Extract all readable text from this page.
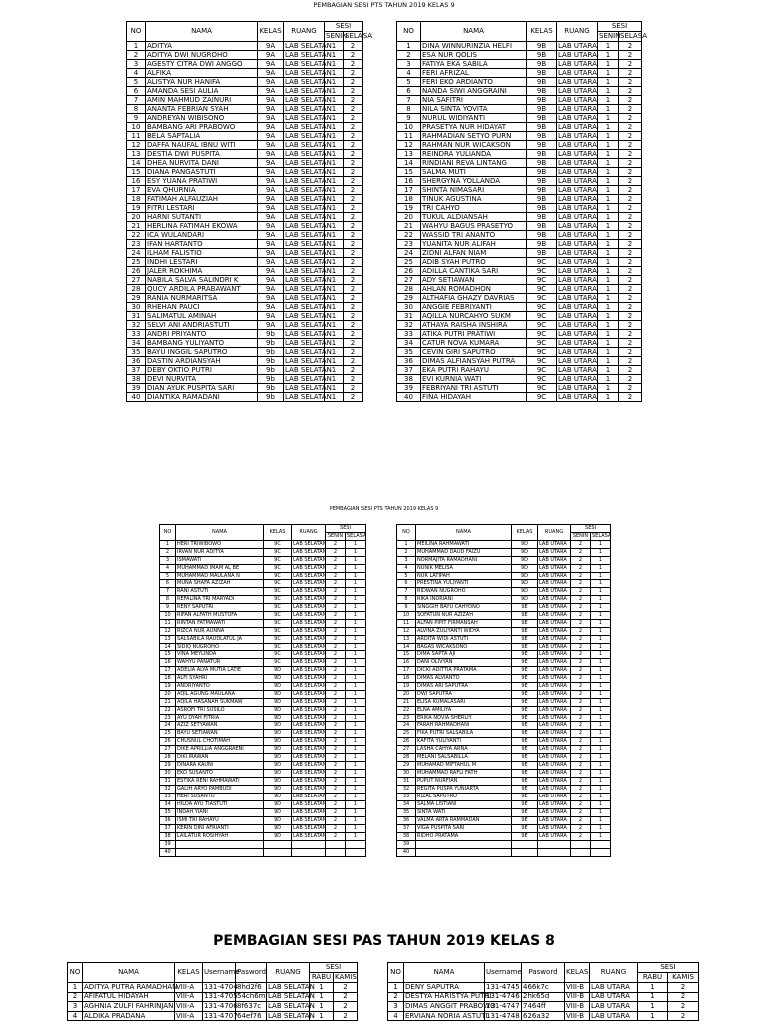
PEMBAGIAN SESI PTS TAHUN 2019 KELAS 9
NO	NAMA	KELAS	RUANG	SESI	
				SENIN	SELASA
1	ADITYA	9A	LAB SELATAN	1	2
2	ADITYA DWI NUGROHO	9A	LAB SELATAN	1	2
3	AGESTY CITRA DWI ANGGO	9A	LAB SELATAN	1	2
4	ALFIKA	9A	LAB SELATAN	1	2
5	ALISTYA NUR HANIFA	9A	LAB SELATAN	1	2
6	AMANDA SESI AULIA	9A	LAB SELATAN	1	2
7	AMIN MAHMUD ZAINURI	9A	LAB SELATAN	1	2
8	ANANTA FEBRIAN SYAH	9A	LAB SELATAN	1	2
9	ANDREYAN WIBISONO	9A	LAB SELATAN	1	2
10	BAMBANG ARI PRABOWO	9A	LAB SELATAN	1	2
11	BELA SAPTALIA	9A	LAB SELATAN	1	2
12	DAFFA NAUFAL IBNU WITI	9A	LAB SELATAN	1	2
13	DESTIA DWI PUSPITA	9A	LAB SELATAN	1	2
14	DHEA NURVITA DANI	9A	LAB SELATAN	1	2
15	DIANA PANGASTUTI	9A	LAB SELATAN	1	2
16	ESY YUANA PRATIWI	9A	LAB SELATAN	1	2
17	EVA QHURNIA	9A	LAB SELATAN	1	2
18	FATIMAH ALFAUZIAH	9A	LAB SELATAN	1	2
19	FITRI LESTARI	9A	LAB SELATAN	1	2
20	HARNI SUTANTI	9A	LAB SELATAN	1	2
21	HERLINA FATIMAH EKOWA	9A	LAB SELATAN	1	2
22	ICA WULANDARI	9A	LAB SELATAN	1	2
23	IFAN HARTANTO	9A	LAB SELATAN	1	2
24	ILHAM FALISTIO	9A	LAB SELATAN	1	2
25	INDHI LESTARI	9A	LAB SELATAN	1	2
26	JALER ROKHIMA	9A	LAB SELATAN	1	2
27	NABILA SALVA SALINDRI K	9A	LAB SELATAN	1	2
28	QUCY ARDILA PRABAWANT	9A	LAB SELATAN	1	2
29	RANIA NURMARITSA	9A	LAB SELATAN	1	2
30	RHEHAN PAUCI	9A	LAB SELATAN	1	2
31	SALIMATUL AMINAH	9A	LAB SELATAN	1	2
32	SELVI ANI ANDRIASTUTI	9A	LAB SELATAN	1	2
33	ANDRI PRIYANTO	9b	LAB SELATAN	1	2
34	BAMBANG YULIYANTO	9b	LAB SELATAN	1	2
35	BAYU INGGIL SAPUTRO	9b	LAB SELATAN	1	2
36	DASTIN ARDIANSYAH	9b	LAB SELATAN	1	2
37	DEBY OKTIO PUTRI	9b	LAB SELATAN	1	2
38	DEVI NURVITA	9b	LAB SELATAN	1	2
39	DIAN AYUK PUSPITA SARI	9b	LAB SELATAN	1	2
40	DIANTIKA RAMADANI	9b	LAB SELATAN	1	2
NO	NAMA	KELAS	RUANG	SESI	
				SENIN	SELASA
1	DINA WINNURINZIA HELFI	9B	LAB UTARA	1	2
2	ESA NUR QOLIS	9B	LAB UTARA	1	2
3	FATIYA EKA SABILA	9B	LAB UTARA	1	2
4	FERI AFRIZAL	9B	LAB UTARA	1	2
5	FERI EKO ARDIANTO	9B	LAB UTARA	1	2
6	NANDA SIWI ANGGRAINI	9B	LAB UTARA	1	2
7	NIA SAFITRI	9B	LAB UTARA	1	2
8	NILA SINTA YOVITA	9B	LAB UTARA	1	2
9	NURUL WIDIYANTI	9B	LAB UTARA	1	2
10	PRASETYA NUR HIDAYAT	9B	LAB UTARA	1	2
11	RAHMADIAN SETYO PURN	9B	LAB UTARA	1	2
12	RAHMAN NUR WICAKSON	9B	LAB UTARA	1	2
13	REINDRA YULIANDA	9B	LAB UTARA	1	2
14	RINDIANI REVA LINTANG	9B	LAB UTARA	1	2
15	SALMA MUTI	9B	LAB UTARA	1	2
16	SHERGYNA YOLLANDA	9B	LAB UTARA	1	2
17	SHINTA NIMASARI	9B	LAB UTARA	1	2
18	TINUK AGUSTINA	9B	LAB UTARA	1	2
19	TRI CAHYO	9B	LAB UTARA	1	2
20	TUKUL ALDIANSAH	9B	LAB UTARA	1	2
21	WAHYU BAGUS PRASETYO	9B	LAB UTARA	1	2
22	WASSID TRI ANANTO	9B	LAB UTARA	1	2
23	YUANITA NUR ALIFAH	9B	LAB UTARA	1	2
24	ZIDNI ALFAN NIAM	9B	LAB UTARA	1	2
25	ADIB SYAH PUTRO	9C	LAB UTARA	1	2
26	ADILLA CANTIKA SARI	9C	LAB UTARA	1	2
27	ADY SETIAWAN	9C	LAB UTARA	1	2
28	AHLAN ROMADHON	9C	LAB UTARA	1	2
29	ALTHAFIA GHAZY DAVRIAS	9C	LAB UTARA	1	2
30	ANGGIE FEBRIYANTI	9C	LAB UTARA	1	2
31	AQILLA NURCAHYO SUKM	9C	LAB UTARA	1	2
32	ATHAYA RAISHA INSHIRA	9C	LAB UTARA	1	2
33	ATIKA PUTRI PRATIWI	9C	LAB UTARA	1	2
34	CATUR NOVA KUMARA	9C	LAB UTARA	1	2
35	CEVIN GIRI SAPUTRO	9C	LAB UTARA	1	2
36	DIMAS ALFIANSYAH PUTRA	9C	LAB UTARA	1	2
37	EKA PUTRI RAHAYU	9C	LAB UTARA	1	2
38	EVI KURNIA WATI	9C	LAB UTARA	1	2
39	FEBRIYANI TRI ASTUTI	9C	LAB UTARA	1	2
40	FINA HIDAYAH	9C	LAB UTARA	1	2
PEMBAGIAN SESI PTS TAHUN 2019 KELAS 9
NO	NAMA	KELAS	RUANG	SESI	
				SENIN	SELASA
1	HERI TRIWIBOWO	9C	LAB SELATAN	2	1
2	IRVAN NUR ADITYA	9C	LAB SELATAN	2	1
3	ISMAWATI	9C	LAB SELATAN	2	1
4	MUHAMMAD IMAM AL BE	9C	LAB SELATAN	2	1
5	MUHAMMAD MAULANA N	9C	LAB SELATAN	2	1
6	MUNA SHAFA AZIZAH	9C	LAB SELATAN	2	1
7	RANI ASTUTI	9C	LAB SELATAN	2	1
8	REFALINA TRI MARYADI	9C	LAB SELATAN	2	1
9	RENY SAPUTRI	9C	LAB SELATAN	2	1
10	RIFAN ALFATH MUSTOFA	9C	LAB SELATAN	2	1
11	RINTAN FATMAWATI	9C	LAB SELATAN	2	1
12	RIZCA NUR AUNNA	9C	LAB SELATAN	2	1
13	SALSABILA RAUDLATUL JA	9C	LAB SELATAN	2	1
14	SIDIQ NUGROHO	9C	LAB SELATAN	2	1
15	VINA MEYLINDA	9C	LAB SELATAN	2	1
16	WAHYU PANATUR	9C	LAB SELATAN	2	1
17	ADELIA ALYA MUTIA LATIE	9D	LAB SELATAN	2	1
18	ALFI SYAHRI	9D	LAB SELATAN	2	1
19	ANDRIYANTO	9D	LAB SELATAN	2	1
20	AQIL AGUNG MAULANA	9D	LAB SELATAN	2	1
21	AQILA HASANAH SUKMAW	9D	LAB SELATAN	2	1
22	ASROFI TRI SUSILO	9D	LAB SELATAN	2	1
23	AYU DYAH FITRIA	9D	LAB SELATAN	2	1
24	AZIZ SETYAWAN	9D	LAB SELATAN	2	1
25	BAYU SETIAWAN	9D	LAB SELATAN	2	1
26	CHUSNUL CHOTIMAH	9D	LAB SELATAN	2	1
27	DIKE APRILLIA ANGGRAENI	9D	LAB SELATAN	2	1
28	DIKI IRAWAN	9D	LAB SELATAN	2	1
29	DINARA KAUNI	9D	LAB SELATAN	2	1
30	EKO SUSANTO	9D	LAB SELATAN	2	1
31	ESTIKA RENI RAHMAWATI	9D	LAB SELATAN	2	1
32	GALIH ARYO PAMBUDI	9D	LAB SELATAN	2	1
33	HERI SUSANTO	9D	LAB SELATAN	2	1
34	HILDA AYU TIASTUTI	9D	LAB SELATAN	2	1
35	INDAH YIANI	9D	LAB SELATAN	2	1
36	ISMI TRI RAHAYU	9D	LAB SELATAN	2	1
37	KERIN DINI AFRIANTI	9D	LAB SELATAN	2	1
38	LAILATUR ROSIHYAH	9D	LAB SELATAN	2	1
39					
40					
NO	NAMA	KELAS	RUANG	SESI	
				SENIN	SELASA
1	MEILINA RAHMAWATI	9D	LAB UTARA	2	1
2	MUHAMMAD DAUD FAIZU	9D	LAB UTARA	2	1
3	NORMAJITA RAMADHANI	9D	LAB UTARA	2	1
4	NUNIK MELISA	9D	LAB UTARA	2	1
5	NUR LATIPAH	9D	LAB UTARA	2	1
6	PRESTINA YULIYANTI	9D	LAB UTARA	2	1
7	RIDWAN NUGROHO	9D	LAB UTARA	2	1
8	RIKA INDRIANI	9D	LAB UTARA	2	1
9	SINGGIH BAYU CAHYONO	9E	LAB UTARA	2	1
10	SOFATUN NUR AZIZAH	9E	LAB UTARA	2	1
11	ALFAN PIPIT FIRMANSAH	9E	LAB UTARA	2	1
12	ALVINA ZULIYANTI WIDYA	9E	LAB UTARA	2	1
13	ARDITA WIDI ASTUTI	9E	LAB UTARA	2	1
14	BAGAS WICAKSONO	9E	LAB UTARA	2	1
15	DIMA SAPTA AJI	9E	LAB UTARA	2	1
16	DANI OLIVYAN	9E	LAB UTARA	2	1
17	DICKI ADITTIA PRATAMA	9E	LAB UTARA	2	1
18	DIMAS ALVIANTO	9E	LAB UTARA	2	1
19	DIMAS ARI SAPUTRA	9E	LAB UTARA	2	1
20	DWI SAPUTRA	9E	LAB UTARA	2	1
21	ELISA KUMALASARI	9E	LAB UTARA	2	1
22	ELNA AMILIYA	9E	LAB UTARA	2	1
23	ERIKA NOVIA SHERLIY	9E	LAB UTARA	2	1
24	FARAH RAHMADHANI	9E	LAB UTARA	2	1
25	FIKA PUTRI SALSABILA	9E	LAB UTARA	2	1
26	KAFITA YULIYANTI	9E	LAB UTARA	2	1
27	LASHA CAHYA ARNA	9E	LAB UTARA	2	1
28	MELANI SALSABILLA	9E	LAB UTARA	2	1
29	MUHAMAD MIFTAHUL M	9E	LAB UTARA	2	1
30	MUHAMMAD RAFLI FATH	9E	LAB UTARA	2	1
31	PUPUT NURFIAN	9E	LAB UTARA	2	1
32	REGITA PUSPA YUNIARTA	9E	LAB UTARA	2	1
33	RIZAL SAPUTRO	9E	LAB UTARA	2	1
34	SALMA LISTIANI	9E	LAB UTARA	2	1
35	SINTA WATI	9E	LAB UTARA	2	1
36	VALMA ARTA RAMMADAN	9E	LAB UTARA	2	1
37	VIGA PUSPITA SARI	9E	LAB UTARA	2	1
38	RIDHO PRATAMA	9E	LAB UTARA	2	1
39					
40					
PEMBAGIAN SESI PAS TAHUN 2019 KELAS 8
NO	NAMA	KELAS	Username	Pasword	RUANG	SESI	
						RABU	KAMIS
1	ADITYA PUTRA RAMADHAN	VIII-A	131-4704	8hd2f6	LAB SELATAN	1	2
2	AFIFATUL HIDAYAH	VIII-A	131-4705	54ch6m	LAB SELATAN	1	2
3	AGHNIA ZULFI FAHRINJANI	VIII-A	131-4706	8f637c	LAB SELATAN	1	2
4	ALDIKA PRADANA	VIII-A	131-4707	64ef76	LAB SELATAN	1	2
NO	NAMA	Username	Pasword	KELAS	RUANG	SESI	
						RABU	KAMIS
1	DENY SAPUTRA	131-4745	466k7c	VIII-B	LAB UTARA	1	2
2	DESTYA HARISTYA PUTRI	131-4746	2hk65d	VIII-B	LAB UTARA	1	2
3	DIMAS ANGGIT PRABOWO	131-4747	7464ff	VIII-B	LAB UTARA	1	2
4	ERVIANA NORIA ASTUTI	131-4748	626a32	VIII-B	LAB UTARA	1	2
